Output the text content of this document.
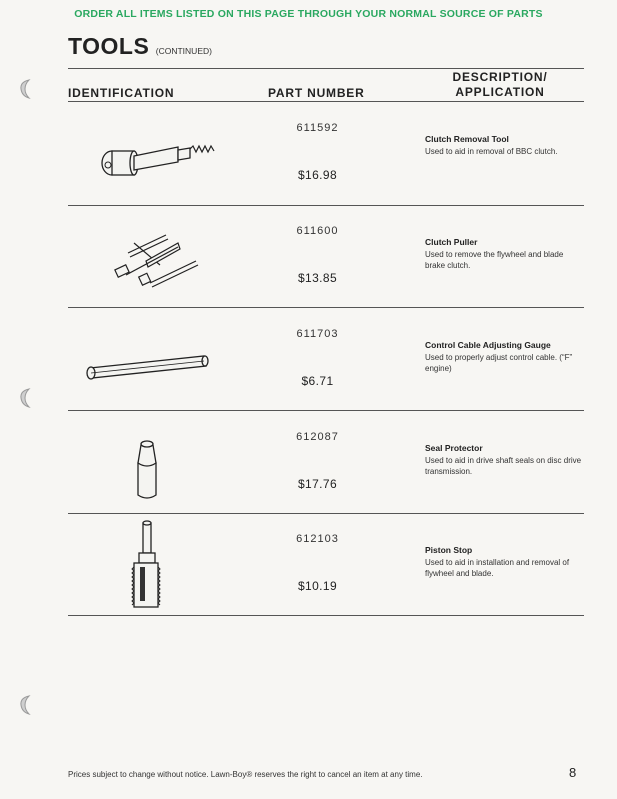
ORDER ALL ITEMS LISTED ON THIS PAGE THROUGH YOUR NORMAL SOURCE OF PARTS
TOOLS (CONTINUED)
IDENTIFICATION	PART NUMBER
DESCRIPTION/
APPLICATION
611592
$16.98
Clutch Removal Tool
Used to aid in removal of BBC clutch.
611600
$13.85
Clutch Puller
Used to remove the flywheel and blade brake clutch.
611703
$6.71
Control Cable Adjusting Gauge
Used to properly adjust control cable. (“F” engine)
612087
$17.76
Seal Protector
Used to aid in drive shaft seals on disc drive transmission.
612103
$10.19
Piston Stop
Used to aid in installation and removal of flywheel and blade.
Prices subject to change without notice. Lawn-Boy® reserves the right to cancel an item at any time.	8
